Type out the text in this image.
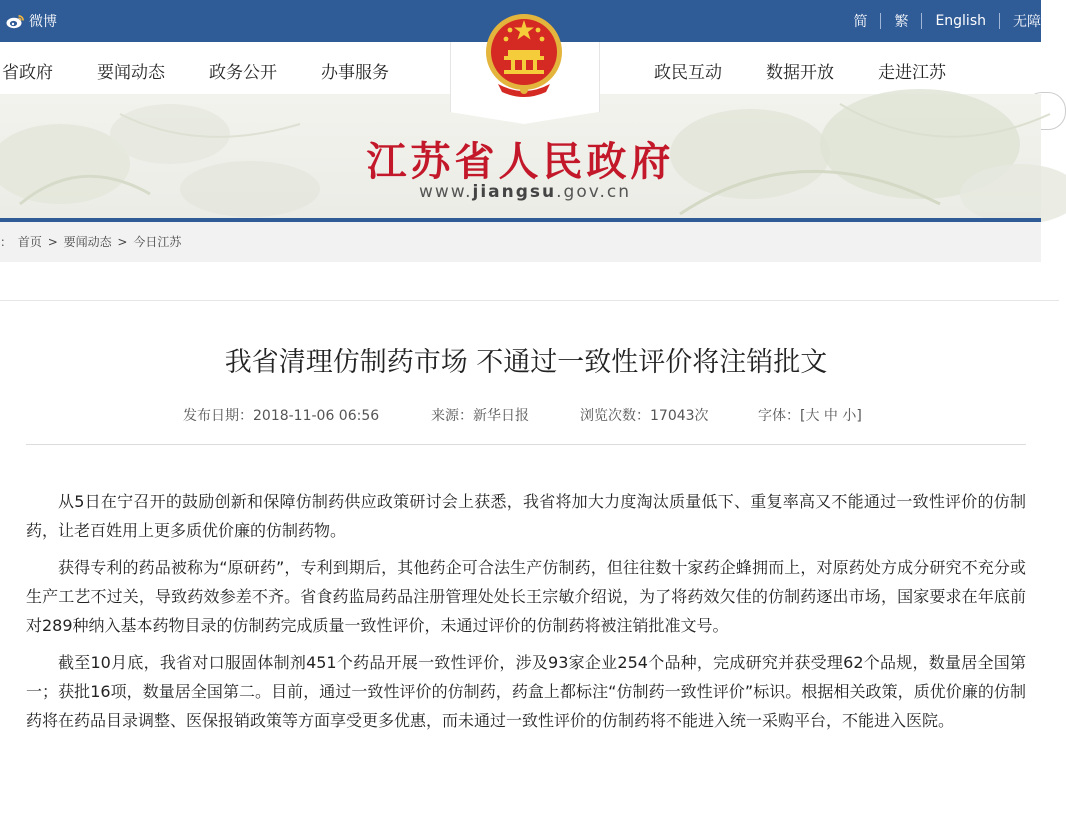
微博	简 繁 English 无障碍
省政府	要闻动态	政务公开	办事服务	政民互动	数据开放	走进江苏
江苏省人民政府
www.jiangsu.gov.cn
： 首页 > 要闻动态 > 今日江苏
我省清理仿制药市场 不通过一致性评价将注销批文
发布日期：2018-11-06 06:56	来源：新华日报	浏览次数：17043次	字体：[大 中 小]

从5日在宁召开的鼓励创新和保障仿制药供应政策研讨会上获悉，我省将加大力度淘汰质量低下、重复率高又不能通过一致性评价的仿制药，让老百姓用上更多质优价廉的仿制药物。

获得专利的药品被称为“原研药”，专利到期后，其他药企可合法生产仿制药，但往往数十家药企蜂拥而上，对原药处方成分研究不充分或生产工艺不过关，导致药效参差不齐。省食药监局药品注册管理处处长王宗敏介绍说，为了将药效欠佳的仿制药逐出市场，国家要求在年底前对289种纳入基本药物目录的仿制药完成质量一致性评价，未通过评价的仿制药将被注销批准文号。

截至10月底，我省对口服固体制剂451个药品开展一致性评价，涉及93家企业254个品种，完成研究并获受理62个品规，数量居全国第一；获批16项，数量居全国第二。目前，通过一致性评价的仿制药，药盒上都标注“仿制药一致性评价”标识。根据相关政策，质优价廉的仿制药将在药品目录调整、医保报销政策等方面享受更多优惠，而未通过一致性评价的仿制药将不能进入统一采购平台，不能进入医院。
